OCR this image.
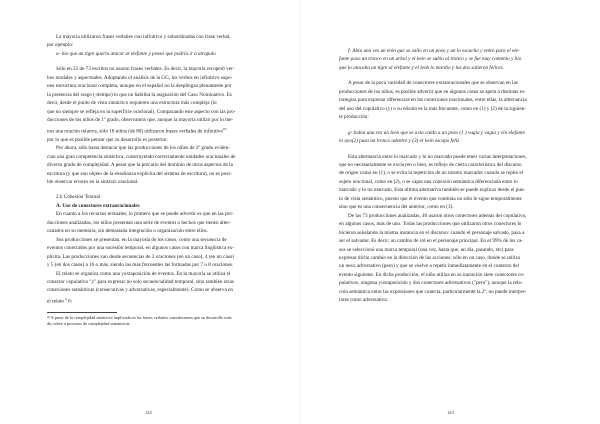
La mayoría utilizaron frases verbales con infinitivo y subordinadas con frase verbal,
por ejemplo:
a- bio que un tigre quería atacar al elefante y pensó que podría ir a atrapalo
Sólo en 25 de 73 escritos no usaron frases verbales. Es decir, la mayoría recuperó ver-
bos modales y aspectuales. Adoptando el análisis de la GG, los verbos en infinitivo supo-
nen estructura oracional completa, aunque en el español no la despliegan plenamente por
la presencia del rasgo (-tiempo) lo que no habilita la asignación del Caso Nominativo. Es
decir, desde el punto de vista sintáctico requieren una estructura más compleja (lo
que no siempre se refleja en la superficie oracional). Comparando este aspecto con las pro-
ducciones de los niños de 1º grado, observamos que, aunque la mayoría utilizó por lo me-
nos una oración relativa, sólo 18 niños (de 80) utilizaron frases verbales de infinitivo$^{93}$
por lo que es posible pensar que su desarrollo es posterior.
Por ahora, sólo basta destacar que las producciones de los niños de 2º grado eviden-
cian una gran competencia sintáctica, construyendo correctamente unidades oracionales de
diverso grado de complejidad. A pesar que la precario del dominio de otros aspectos de la
escritura (y que son objeto de la enseñanza explícita del sistema de escritura), no es posi-
ble observar errores en la sintaxis oracional.
2.b Cohesión Textual
A. Uso de conectores extraoracionales
En cuanto a los recursos textuales, lo primero que se puede advertir es que en las pro-
ducciones analizadas, los niños presentan una serie de eventos o hechos que tienen alter-
canados en su memoria, sin demasiada integración u organización entre ellos.
Sus producciones se presentan, en la mayoría de los casos, como una secuencia de
eventos conectados por una sucesión temporal, en algunos casos con marca lingüística ex-
plícita. Las producciones van desde secuencias de 2 oraciones (en un caso), 4 (en un caso)
y 5 (en dos casos) a 16 o más, siendo las más frecuentes las formadas por 7 u 8 oraciones.
El relato se organiza como una yuxtaposición de eventos. En la mayoría se utiliza el
conector copulativo "y" para expresar no solo secuencialidad temporal, sino también otras
conexiones semánticas (consecutivas y adversativas, especialmente). Como se observa en
el relato $^9$ 6:
⁹³ A pesar de la complejidad sintáctica implicada en las frases verbales consideramos que su desarrollo estu-
dio sobre a procesos de complejidad semánticas.
142
f- Abía una ves un león que se salío en un pozo y un lo escucho y entro para el ele-
fante paso un tronco en un arbol y el león se subio al tronco y se fue muy contento y bio
que lo atacaba un tigre al elefante y el león lo mordio y los dos salieron felices.
A pesar de la poca variedad de conectores extraoracionales que se observan en las
producciones de los niños, es posible advertir que en algunos casos se apela a distintas es-
trategias para expresar diferencias en las conexiones oracionales, entre ellas, la alternancia
del uso del copulativo (y) o su elisión es la más frecuente, como en (1) y (2) de la siguien-
te producción:
g- había una vez un león que se avia caído a un pozo (1 ) vagía y vagía y vin elefante
lo oyo(2) puso un tronco adentro y (3) el león escapo feliz
Esta alternancia entre lo marcado y lo no marcado puede tener varias interpretaciones,
que no necesariamente se excluyen o bien, es reflejo de cierta característica del discurso
de origen como en (1), o se evita la repetición de un mismo marcador cuando se repite el
sujeto oracional, como en (2), o se capta una conexión semántica diferenciada entre lo
marcado y lo no marcado. Esta última alternativa también se puede explicar desde el pun-
to de vista semántico, puesto que el evento que continúa no sólo le sigue temporalmente
sino que es una consecuencia del anterior, como en (3).
De las 73 producciones analizadas, 40 usaron otros conectores además del copulativo,
en algunos casos, más de uno. Todas las producciones que utilizaron otros conectores lo
hicieron señalando la misma instancia en el discurso: cuando el personaje salvado, pasa a
ser el salvador. Es decir, un cambio de rol en el personaje principal. En el 99% de los ca-
sos se seleccionó una marca temporal (una vez, hasta que, un día, pasando, etc) para
expresar dicho cambio en la dirección de las acciones; sólo en un caso, donde se utiliza
un nexo adversativo (pero) y que se vuelve a repetir inmediatamente en el contexto del
evento siguiente. En dicha producción, el niño utiliza en su narración siete conectores co-
pulativos, ninguna yuxtaposición y dos conectores adversativos ("pero"), aunque la rela-
ción semántica entre las expresiones que conecta, particularmente la 2ª, no puede interpre-
tarse como adversativa:
143
